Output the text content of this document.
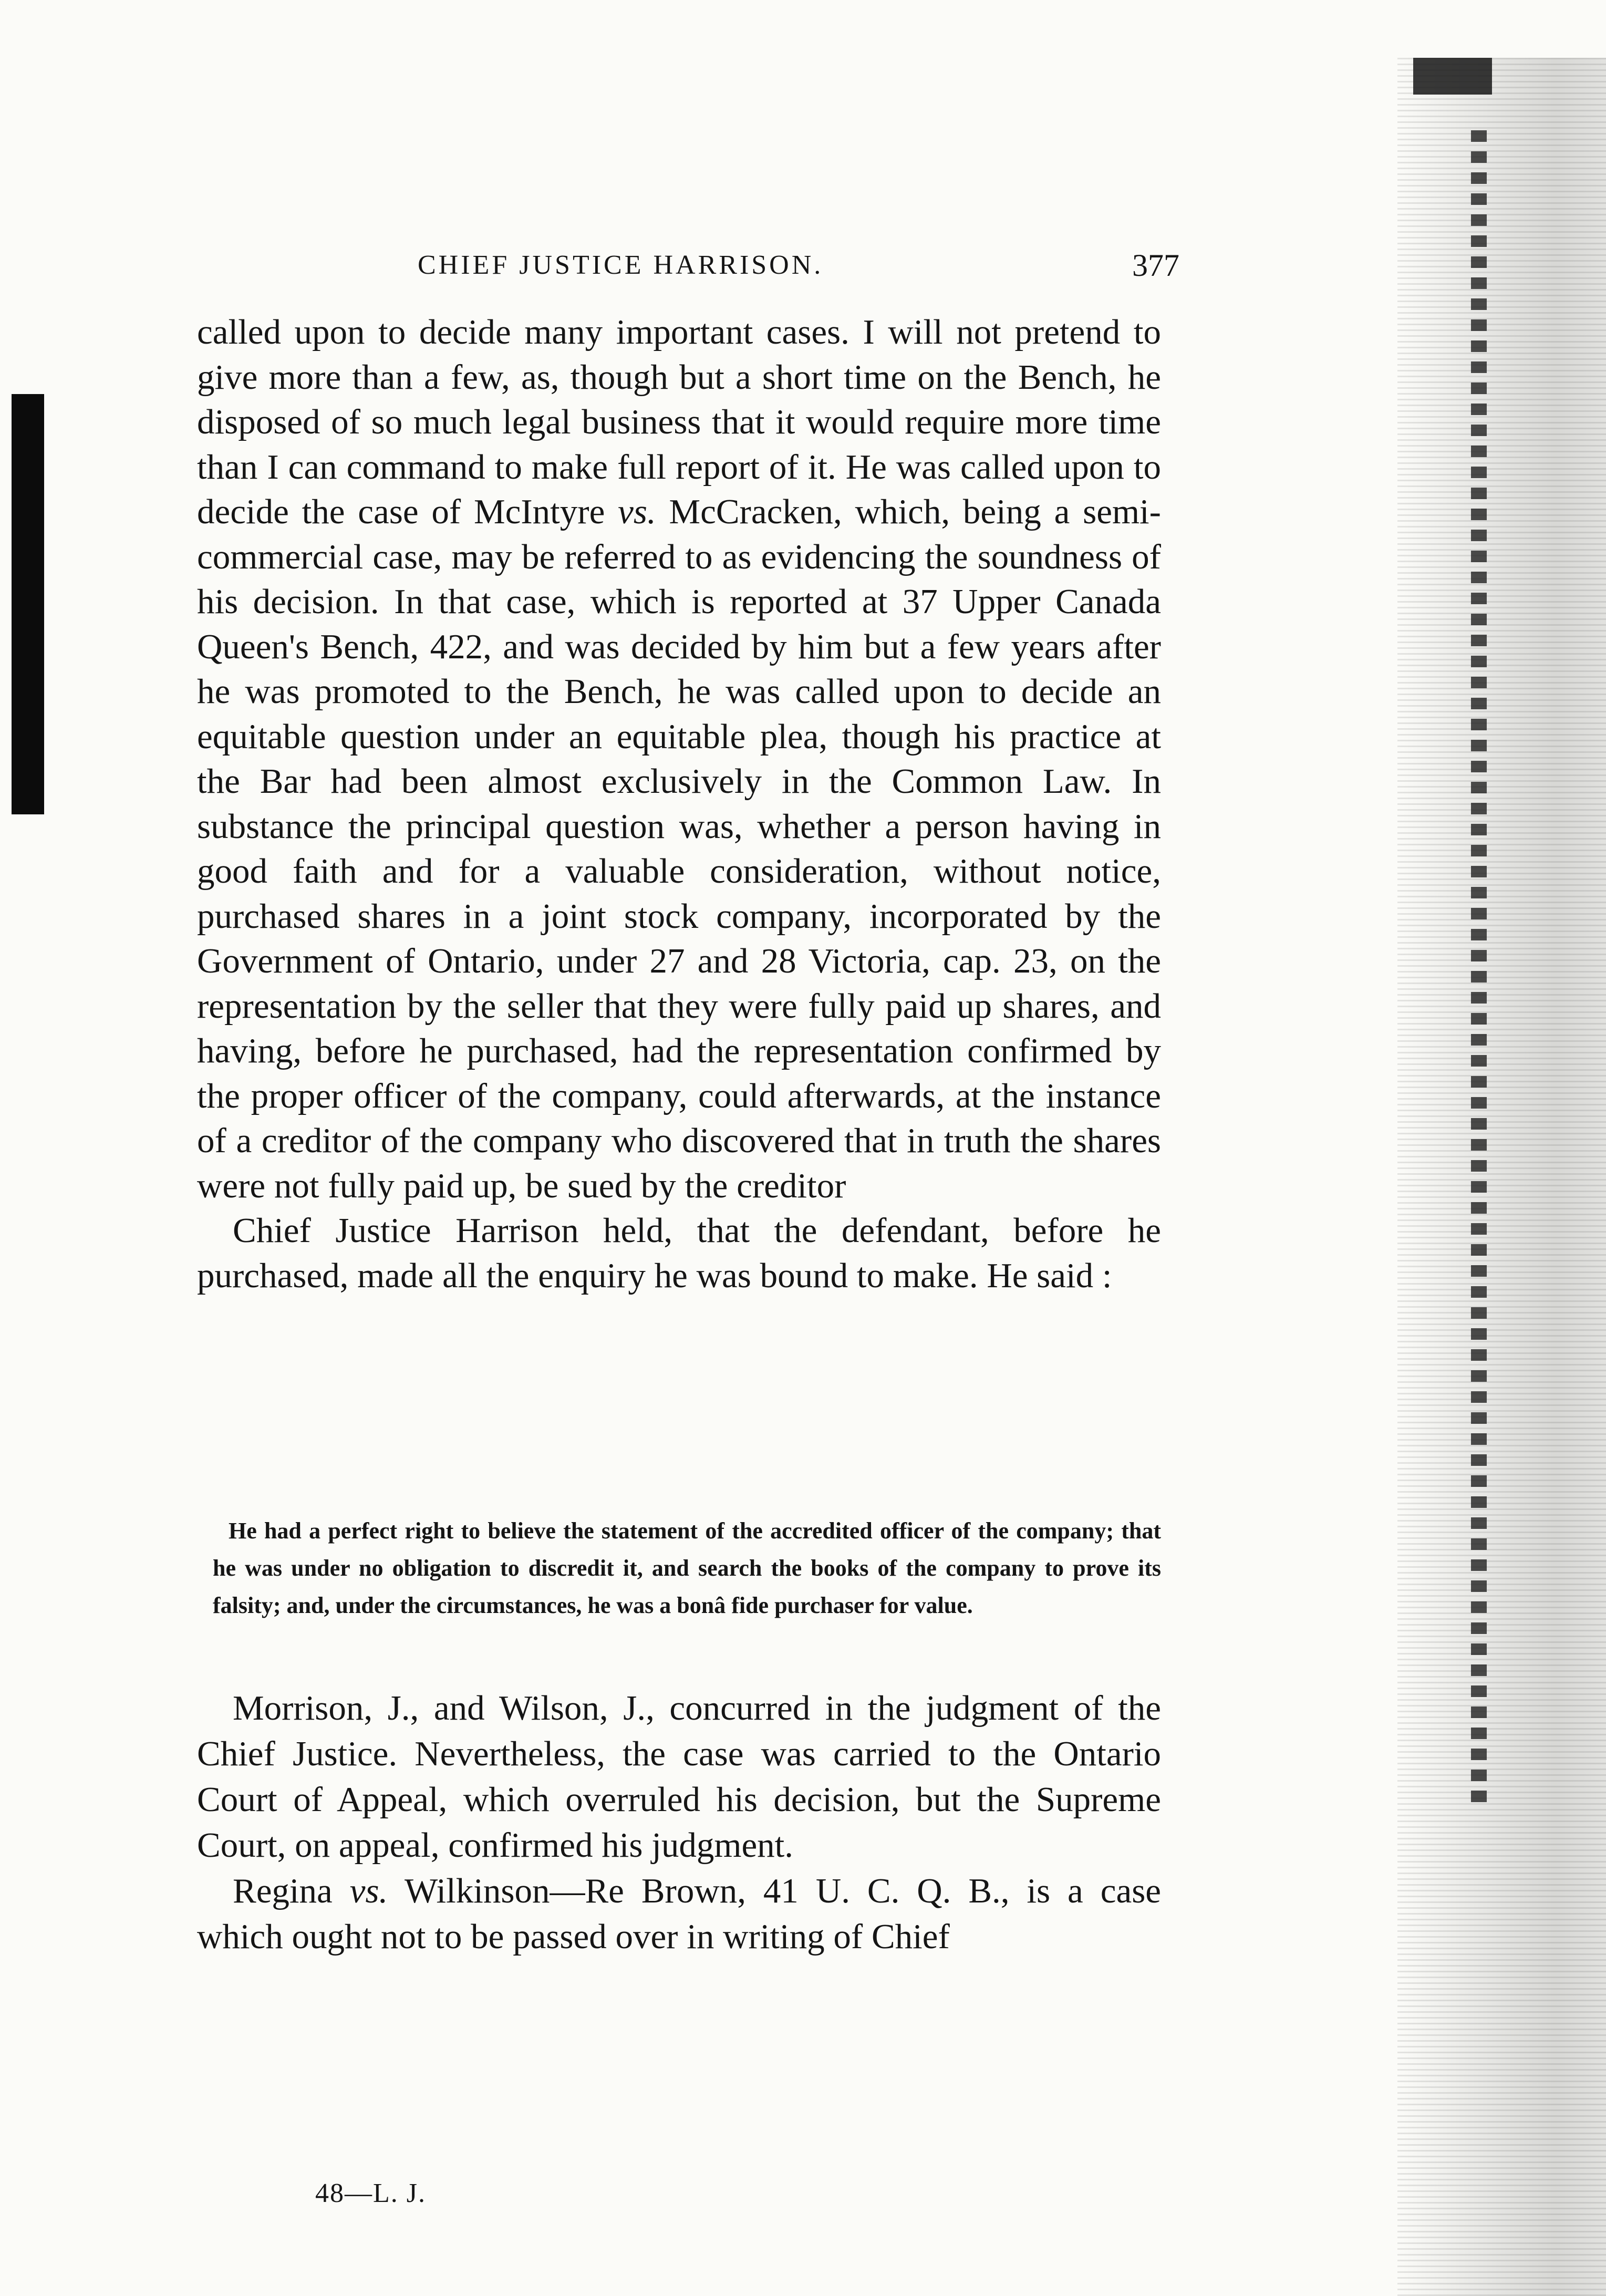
CHIEF JUSTICE HARRISON.	377

called upon to decide many important cases. I will not pretend to give more than a few, as, though but a short time on the Bench, he disposed of so much legal business that it would require more time than I can command to make full report of it. He was called upon to decide the case of McIntyre vs. McCracken, which, being a semi-commercial case, may be referred to as evidencing the soundness of his decision. In that case, which is reported at 37 Upper Canada Queen's Bench, 422, and was decided by him but a few years after he was promoted to the Bench, he was called upon to decide an equitable question under an equitable plea, though his practice at the Bar had been almost exclusively in the Common Law. In substance the principal question was, whether a person having in good faith and for a valuable consideration, without notice, purchased shares in a joint stock company, incorporated by the Government of Ontario, under 27 and 28 Victoria, cap. 23, on the representation by the seller that they were fully paid up shares, and having, before he purchased, had the representation confirmed by the proper officer of the company, could afterwards, at the instance of a creditor of the company who discovered that in truth the shares were not fully paid up, be sued by the creditor

Chief Justice Harrison held, that the defendant, before he purchased, made all the enquiry he was bound to make. He said :

He had a perfect right to believe the statement of the accredited officer of the company; that he was under no obligation to discredit it, and search the books of the company to prove its falsity; and, under the circumstances, he was a bonâ fide purchaser for value.

Morrison, J., and Wilson, J., concurred in the judgment of the Chief Justice. Nevertheless, the case was carried to the Ontario Court of Appeal, which overruled his decision, but the Supreme Court, on appeal, confirmed his judgment.

Regina vs. Wilkinson—Re Brown, 41 U. C. Q. B., is a case which ought not to be passed over in writing of Chief

48—L. J.
